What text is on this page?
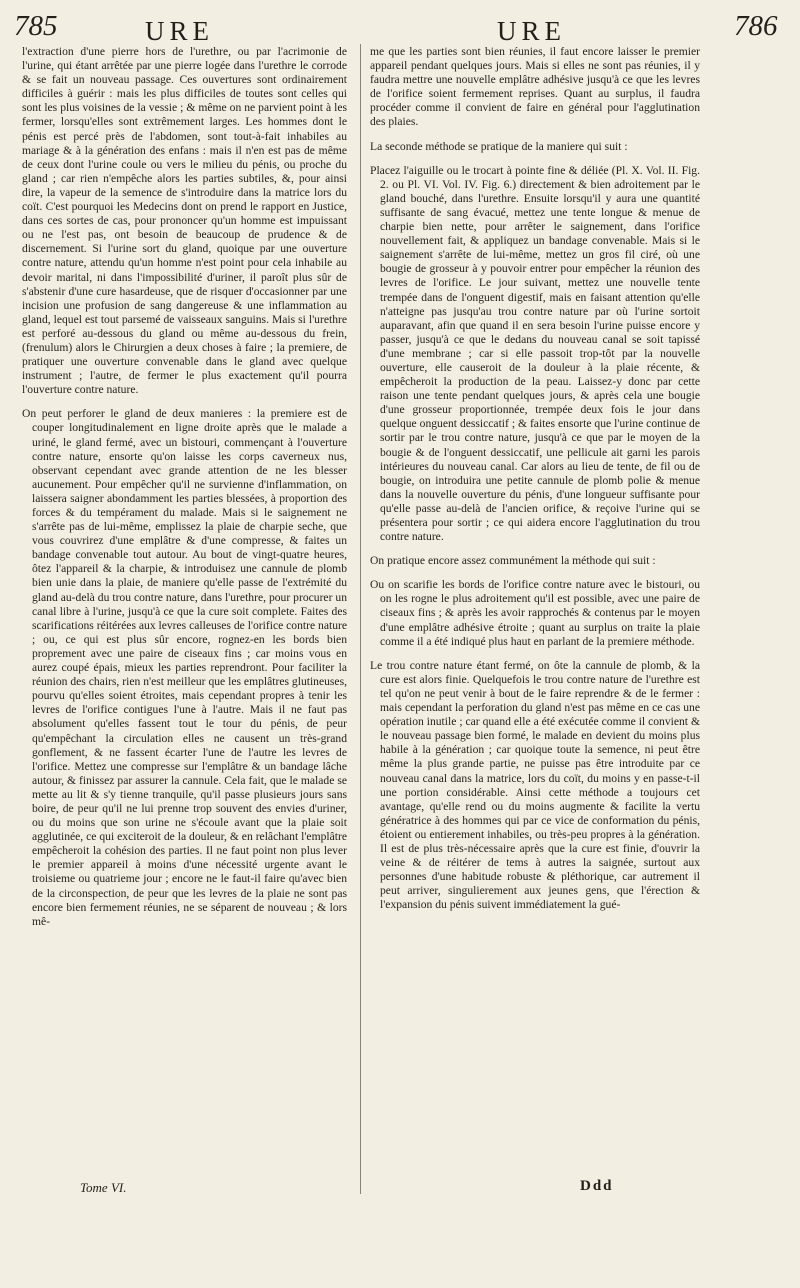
785	URE	URE	786

l'extraction d'une pierre hors de l'urethre, ou par l'acrimonie de l'urine, qui étant arrêtée par une pierre logée dans l'urethre le corrode & se fait un nouveau passage. Ces ouvertures sont ordinairement difficiles à guérir : mais les plus difficiles de toutes sont celles qui sont les plus voisines de la vessie ; & même on ne parvient point à les fermer, lorsqu'elles sont extrêmement larges. Les hommes dont le pénis est percé près de l'abdomen, sont tout-à-fait inhabiles au mariage & à la génération des enfans : mais il n'en est pas de même de ceux dont l'urine coule ou vers le milieu du pénis, ou proche du gland ; car rien n'empêche alors les parties subtiles, &, pour ainsi dire, la vapeur de la semence de s'introduire dans la matrice lors du coït. C'est pourquoi les Medecins dont on prend le rapport en Justice, dans ces sortes de cas, pour prononcer qu'un homme est impuissant ou ne l'est pas, ont besoin de beaucoup de prudence & de discernement. Si l'urine sort du gland, quoique par une ouverture contre nature, attendu qu'un homme n'est point pour cela inhabile au devoir marital, ni dans l'impossibilité d'uriner, il paroît plus sûr de s'abstenir d'une cure hasardeuse, que de risquer d'occasionner par une incision une profusion de sang dangereuse & une inflammation au gland, lequel est tout parsemé de vaisseaux sanguins. Mais si l'urethre est perforé au-dessous du gland ou même au-dessous du frein, (frenulum) alors le Chirurgien a deux choses à faire ; la premiere, de pratiquer une ouverture convenable dans le gland avec quelque instrument ; l'autre, de fermer le plus exactement qu'il pourra l'ouverture contre nature.

On peut perforer le gland de deux manieres : la premiere est de couper longitudinalement en ligne droite après que le malade a uriné, le gland fermé, avec un bistouri, commençant à l'ouverture contre nature, ensorte qu'on laisse les corps caverneux nus, observant cependant avec grande attention de ne les blesser aucunement. Pour empêcher qu'il ne survienne d'inflammation, on laissera saigner abondamment les parties blessées, à proportion des forces & du tempérament du malade. Mais si le saignement ne s'arrête pas de lui-même, emplissez la plaie de charpie seche, que vous couvrirez d'une emplâtre & d'une compresse, & faites un bandage convenable tout autour. Au bout de vingt-quatre heures, ôtez l'appareil & la charpie, & introduisez une cannule de plomb bien unie dans la plaie, de maniere qu'elle passe de l'extrémité du gland au-delà du trou contre nature, dans l'urethre, pour procurer un canal libre à l'urine, jusqu'à ce que la cure soit complete. Faites des scarifications réitérées aux levres calleuses de l'orifice contre nature ; ou, ce qui est plus sûr encore, rognez-en les bords bien proprement avec une paire de ciseaux fins ; car moins vous en aurez coupé épais, mieux les parties reprendront. Pour faciliter la réunion des chairs, rien n'est meilleur que les emplâtres glutineuses, pourvu qu'elles soient étroites, mais cependant propres à tenir les levres de l'orifice contigues l'une à l'autre. Mais il ne faut pas absolument qu'elles fassent tout le tour du pénis, de peur qu'empêchant la circulation elles ne causent un très-grand gonflement, & ne fassent écarter l'une de l'autre les levres de l'orifice. Mettez une compresse sur l'emplâtre & un bandage lâche autour, & finissez par assurer la cannule. Cela fait, que le malade se mette au lit & s'y tienne tranquile, qu'il passe plusieurs jours sans boire, de peur qu'il ne lui prenne trop souvent des envies d'uriner, ou du moins que son urine ne s'écoule avant que la plaie soit agglutinée, ce qui exciteroit de la douleur, & en relâchant l'emplâtre empêcheroit la cohésion des parties. Il ne faut point non plus lever le premier appareil à moins d'une nécessité urgente avant le troisieme ou quatrieme jour ; encore ne le faut-il faire qu'avec bien de la circonspection, de peur que les levres de la plaie ne sont pas encore bien fermement réunies, ne se séparent de nouveau ; & lors mê-

me que les parties sont bien réunies, il faut encore laisser le premier appareil pendant quelques jours. Mais si elles ne sont pas réunies, il y faudra mettre une nouvelle emplâtre adhésive jusqu'à ce que les levres de l'orifice soient fermement reprises. Quant au surplus, il faudra procéder comme il convient de faire en général pour l'agglutination des plaies.

La seconde méthode se pratique de la maniere qui suit :

Placez l'aiguille ou le trocart à pointe fine & déliée (Pl. X. Vol. II. Fig. 2. ou Pl. VI. Vol. IV. Fig. 6.) directement & bien adroitement par le gland bouché, dans l'urethre. Ensuite lorsqu'il y aura une quantité suffisante de sang évacué, mettez une tente longue & menue de charpie bien nette, pour arrêter le saignement, dans l'orifice nouvellement fait, & appliquez un bandage convenable. Mais si le saignement s'arrête de lui-même, mettez un gros fil ciré, où une bougie de grosseur à y pouvoir entrer pour empêcher la réunion des levres de l'orifice. Le jour suivant, mettez une nouvelle tente trempée dans de l'onguent digestif, mais en faisant attention qu'elle n'atteigne pas jusqu'au trou contre nature par où l'urine sortoit auparavant, afin que quand il en sera besoin l'urine puisse encore y passer, jusqu'à ce que le dedans du nouveau canal se soit tapissé d'une membrane ; car si elle passoit trop-tôt par la nouvelle ouverture, elle causeroit de la douleur à la plaie récente, & empêcheroit la production de la peau. Laissez-y donc par cette raison une tente pendant quelques jours, & après cela une bougie d'une grosseur proportionnée, trempée deux fois le jour dans quelque onguent dessiccatif ; & faites ensorte que l'urine continue de sortir par le trou contre nature, jusqu'à ce que par le moyen de la bougie & de l'onguent dessiccatif, une pellicule ait garni les parois intérieures du nouveau canal. Car alors au lieu de tente, de fil ou de bougie, on introduira une petite cannule de plomb polie & menue dans la nouvelle ouverture du pénis, d'une longueur suffisante pour qu'elle passe au-delà de l'ancien orifice, & reçoive l'urine qui se présentera pour sortir ; ce qui aidera encore l'agglutination du trou contre nature.

On pratique encore assez communément la méthode qui suit :

Ou on scarifie les bords de l'orifice contre nature avec le bistouri, ou on les rogne le plus adroitement qu'il est possible, avec une paire de ciseaux fins ; & après les avoir rapprochés & contenus par le moyen d'une emplâtre adhésive étroite ; quant au surplus on traite la plaie comme il a été indiqué plus haut en parlant de la premiere méthode.

Le trou contre nature étant fermé, on ôte la cannule de plomb, & la cure est alors finie. Quelquefois le trou contre nature de l'urethre est tel qu'on ne peut venir à bout de le faire reprendre & de le fermer : mais cependant la perforation du gland n'est pas même en ce cas une opération inutile ; car quand elle a été exécutée comme il convient & le nouveau passage bien formé, le malade en devient du moins plus habile à la génération ; car quoique toute la semence, ni peut être même la plus grande partie, ne puisse pas être introduite par ce nouveau canal dans la matrice, lors du coït, du moins y en passe-t-il une portion considérable. Ainsi cette méthode a toujours cet avantage, qu'elle rend ou du moins augmente & facilite la vertu génératrice à des hommes qui par ce vice de conformation du pénis, étoient ou entierement inhabiles, ou très-peu propres à la génération. Il est de plus très-nécessaire après que la cure est finie, d'ouvrir la veine & de réitérer de tems à autres la saignée, surtout aux personnes d'une habitude robuste & pléthorique, car autrement il peut arriver, singulierement aux jeunes gens, que l'érection & l'expansion du pénis suivent immédiatement la gué-

Tome VI.	Ddd
